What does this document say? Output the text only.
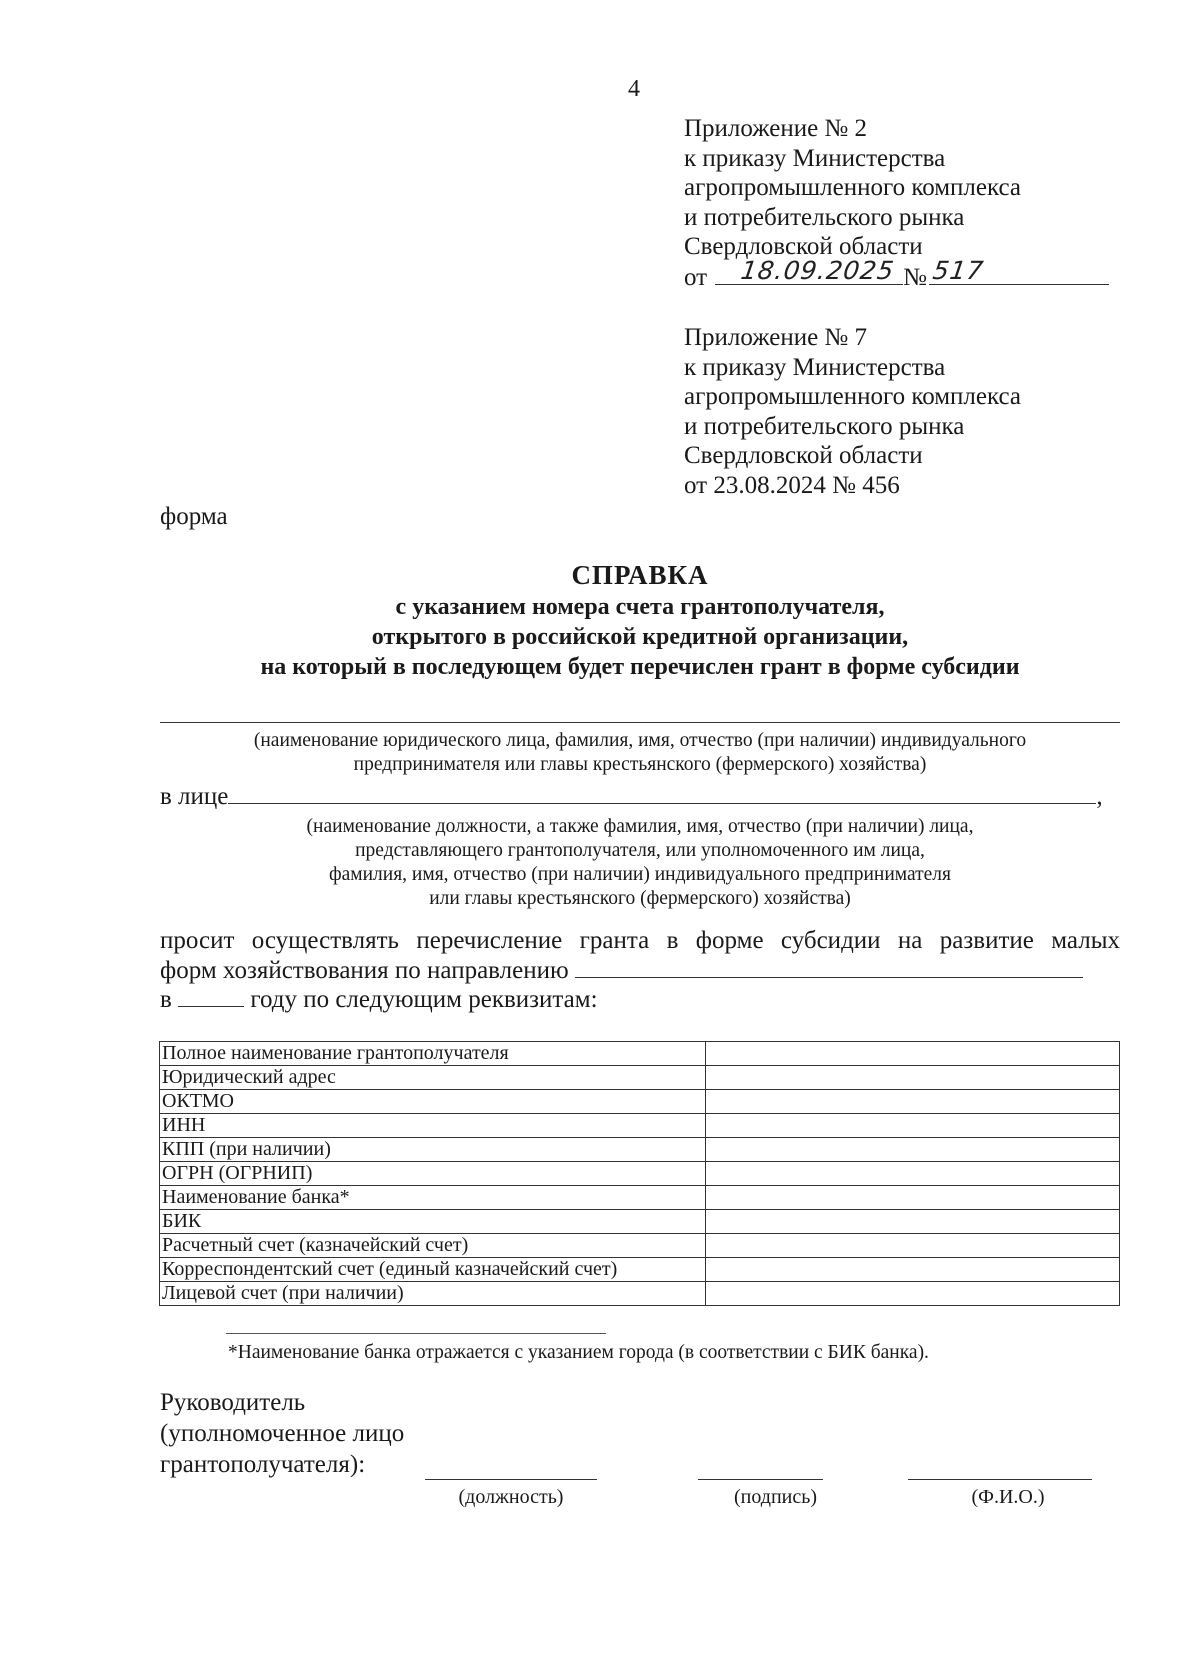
4
Приложение № 2
к приказу Министерства
агропромышленного комплекса
и потребительского рынка
Свердловской области
от 18.09.2025 № 517
Приложение № 7
к приказу Министерства
агропромышленного комплекса
и потребительского рынка
Свердловской области
от 23.08.2024 № 456
форма
СПРАВКА
с указанием номера счета грантополучателя,
открытого в российской кредитной организации,
на который в последующем будет перечислен грант в форме субсидии
(наименование юридического лица, фамилия, имя, отчество (при наличии) индивидуального
предпринимателя или главы крестьянского (фермерского) хозяйства)
в лице	,
(наименование должности, а также фамилия, имя, отчество (при наличии) лица,
представляющего грантополучателя, или уполномоченного им лица,
фамилия, имя, отчество (при наличии) индивидуального предпринимателя
или главы крестьянского (фермерского) хозяйства)
просит осуществлять перечисление гранта в форме субсидии на развитие малых
форм хозяйствования по направлению
в	году по следующим реквизитам:
Полное наименование грантополучателя	
Юридический адрес	
ОКТМО	
ИНН	
КПП (при наличии)	
ОГРН (ОГРНИП)	
Наименование банка*	
БИК	
Расчетный счет (казначейский счет)	
Корреспондентский счет (единый казначейский счет)	
Лицевой счет (при наличии)	
*Наименование банка отражается с указанием города (в соответствии с БИК банка).
Руководитель
(уполномоченное лицо
грантополучателя):
(должность)	(подпись)	(Ф.И.О.)
